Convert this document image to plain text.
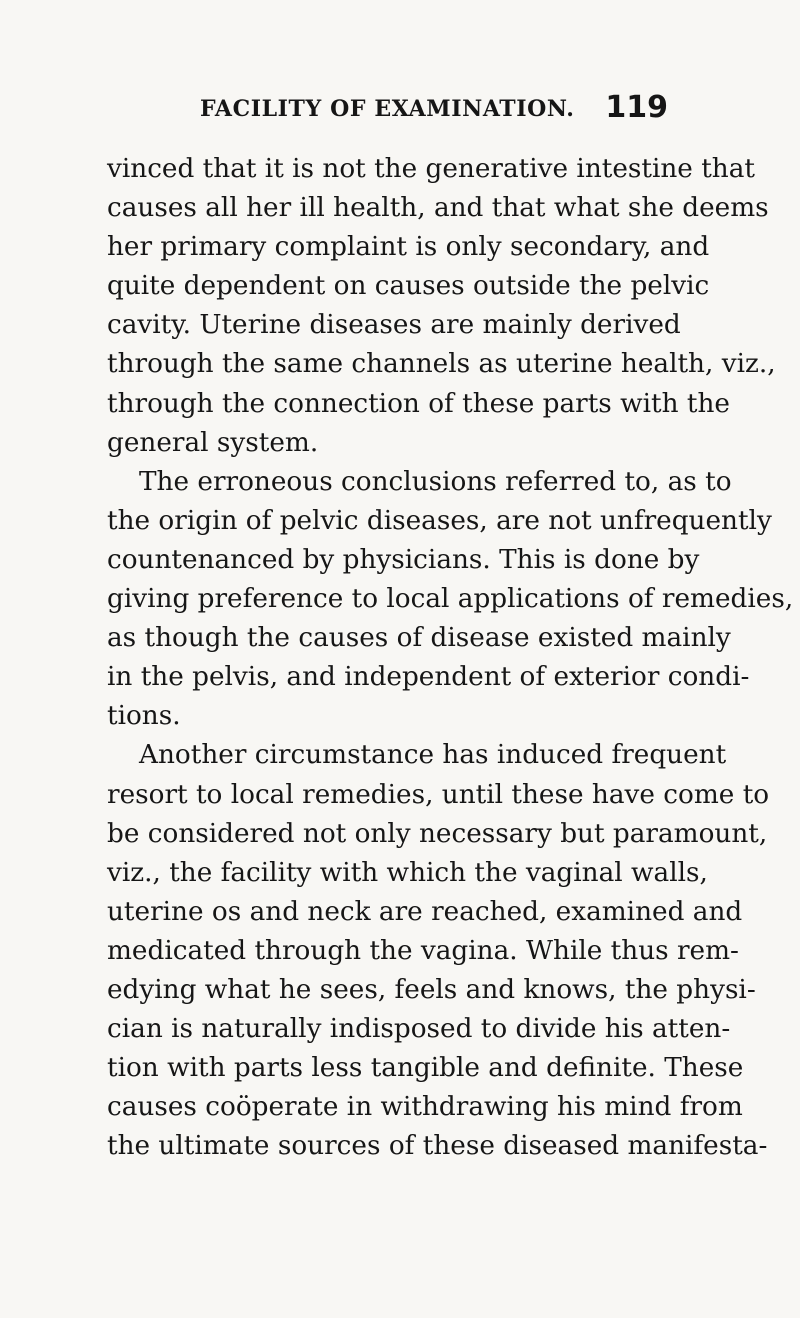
FACILITY OF EXAMINATION. 119
vinced that it is not the generative intestine that
causes all her ill health, and that what she deems
her primary complaint is only secondary, and
quite dependent on causes outside the pelvic
cavity. Uterine diseases are mainly derived
through the same channels as uterine health, viz.,
through the connection of these parts with the
general system.
The erroneous conclusions referred to, as to
the origin of pelvic diseases, are not unfrequently
countenanced by physicians. This is done by
giving preference to local applications of remedies,
as though the causes of disease existed mainly
in the pelvis, and independent of exterior condi-
tions.
Another circumstance has induced frequent
resort to local remedies, until these have come to
be considered not only necessary but paramount,
viz., the facility with which the vaginal walls,
uterine os and neck are reached, examined and
medicated through the vagina. While thus rem-
edying what he sees, feels and knows, the physi-
cian is naturally indisposed to divide his atten-
tion with parts less tangible and definite. These
causes coöperate in withdrawing his mind from
the ultimate sources of these diseased manifesta-
